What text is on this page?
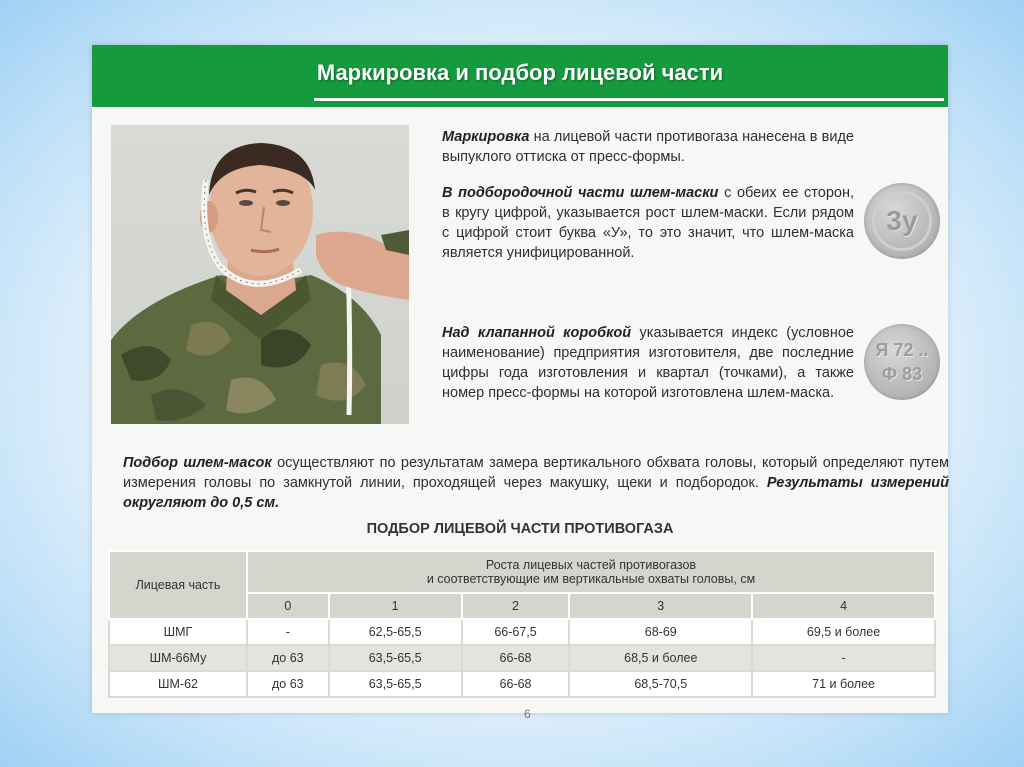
Маркировка и подбор лицевой части
Маркировка на лицевой части противогаза нанесена в виде выпуклого оттиска от пресс-формы.
В подбородочной части шлем-маски с обеих ее сторон, в кругу цифрой, указывается рост шлем-маски. Если рядом с цифрой стоит буква «У», то это значит, что шлем-маска является унифицированной.
Над клапанной коробкой указывается индекс (условное наименование) предприятия изготовителя, две последние цифры года изготовления и квартал (точками), а также номер пресс-формы на которой изготовлена шлем-маска.
3у
Я 72 ..
Ф 83
Подбор шлем-масок осуществляют по результатам замера вертикального обхвата головы, который определяют путем измерения головы по замкнутой линии, проходящей через макушку, щеки и подбородок. Результаты измерений округляют до 0,5 см.
ПОДБОР ЛИЦЕВОЙ ЧАСТИ ПРОТИВОГАЗА
Лицевая часть	Роста лицевых частей противогазов
и соответствующие им вертикальные охваты головы, см				

	0	1	2	3	4
ШМГ	-	62,5-65,5	66-67,5	68-69	69,5 и более
ШМ-66Му	до 63	63,5-65,5	66-68	68,5 и более	-
ШМ-62	до 63	63,5-65,5	66-68	68,5-70,5	71 и более
6
